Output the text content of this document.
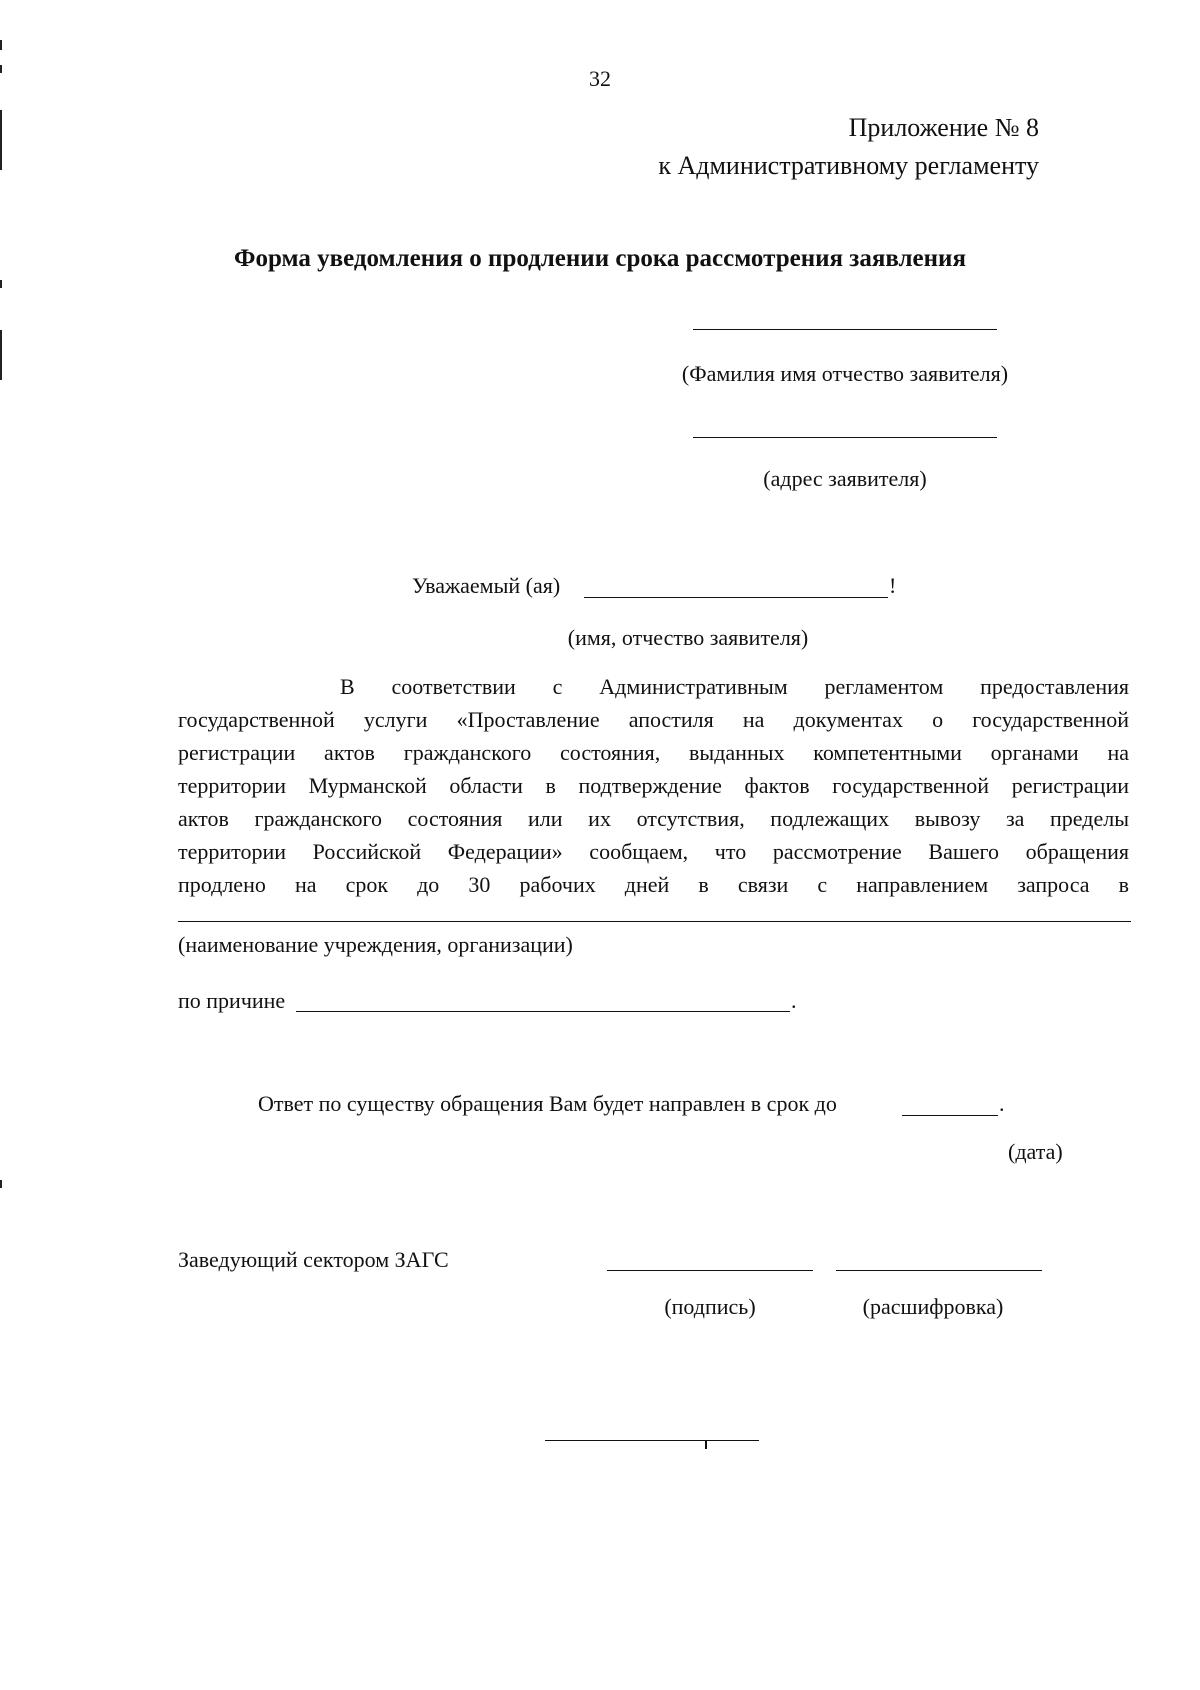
32
Приложение № 8
к Административному регламенту
Форма уведомления о продлении срока рассмотрения заявления
(Фамилия имя отчество заявителя)
(адрес заявителя)
Уважаемый (ая)	!
(имя, отчество заявителя)
В соответствии с Административным регламентом предоставления
государственной услуги «Проставление апостиля на документах о государственной
регистрации актов гражданского состояния, выданных компетентными органами на
территории Мурманской области в подтверждение фактов государственной регистрации
актов гражданского состояния или их отсутствия, подлежащих вывозу за пределы
территории Российской Федерации» сообщаем, что рассмотрение Вашего обращения
продлено на срок до 30 рабочих дней в связи с направлением запроса в
(наименование учреждения, организации)
по причине	.
Ответ по существу обращения Вам будет направлен в срок до	.
(дата)
Заведующий сектором ЗАГС
(подпись)	(расшифровка)
